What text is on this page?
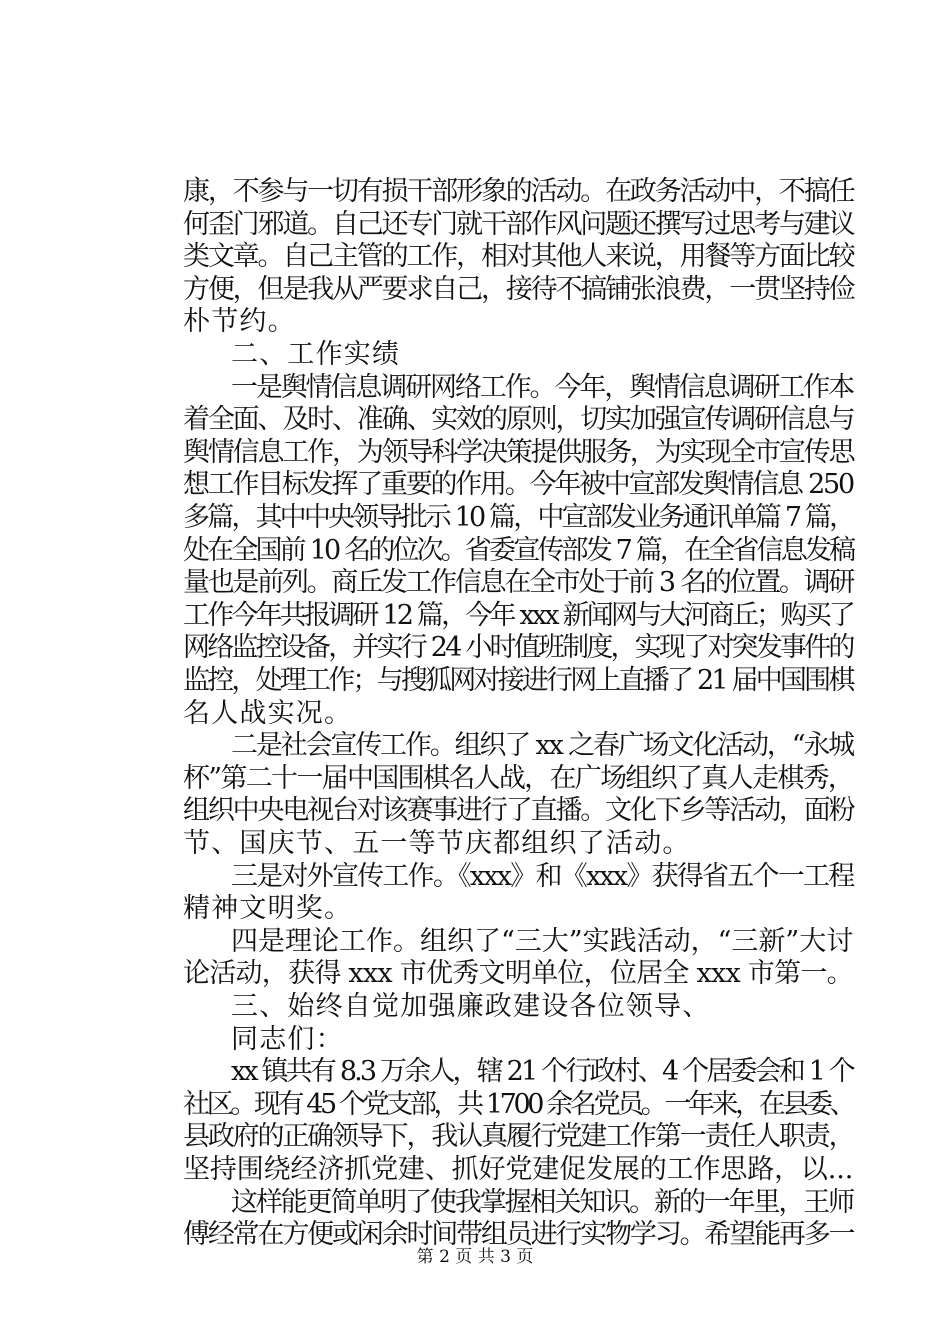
康，不参与一切有损干部形象的活动。在政务活动中，不搞任
何歪门邪道。自己还专门就干部作风问题还撰写过思考与建议
类文章。自己主管的工作，相对其他人来说，用餐等方面比较
方便，但是我从严要求自己，接待不搞铺张浪费，一贯坚持俭
朴节约。
二、工作实绩
一是舆情信息调研网络工作。今年，舆情信息调研工作本
着全面、及时、准确、实效的原则，切实加强宣传调研信息与
舆情信息工作，为领导科学决策提供服务，为实现全市宣传思
想工作目标发挥了重要的作用。今年被中宣部发舆情信息 250
多篇，其中中央领导批示 10 篇，中宣部发业务通讯单篇 7 篇，
处在全国前 10 名的位次。省委宣传部发 7 篇，在全省信息发稿
量也是前列。商丘发工作信息在全市处于前 3 名的位置。调研
工作今年共报调研 12 篇，今年 xxx 新闻网与大河商丘；购买了
网络监控设备，并实行 24 小时值班制度，实现了对突发事件的
监控，处理工作；与搜狐网对接进行网上直播了 21 届中国围棋
名人战实况。
二是社会宣传工作。组织了 xx 之春广场文化活动，“永城
杯”第二十一届中国围棋名人战，在广场组织了真人走棋秀，
组织中央电视台对该赛事进行了直播。文化下乡等活动，面粉
节、国庆节、五一等节庆都组织了活动。
三是对外宣传工作。《xxx》和《xxx》获得省五个一工程
精神文明奖。
四是理论工作。组织了“三大”实践活动，“三新”大讨
论活动，获得 xxx 市优秀文明单位，位居全 xxx 市第一。
三、始终自觉加强廉政建设各位领导、
同志们：
xx 镇共有 8.3 万余人，辖 21 个行政村、4 个居委会和 1 个
社区。现有 45 个党支部，共 1700 余名党员。一年来，在县委、
县政府的正确领导下，我认真履行党建工作第一责任人职责，
坚持围绕经济抓党建、抓好党建促发展的工作思路，以...
第 2 页 共 3 页
这样能更简单明了使我掌握相关知识。新的一年里，王师
傅经常在方便或闲余时间带组员进行实物学习。希望能再多一
